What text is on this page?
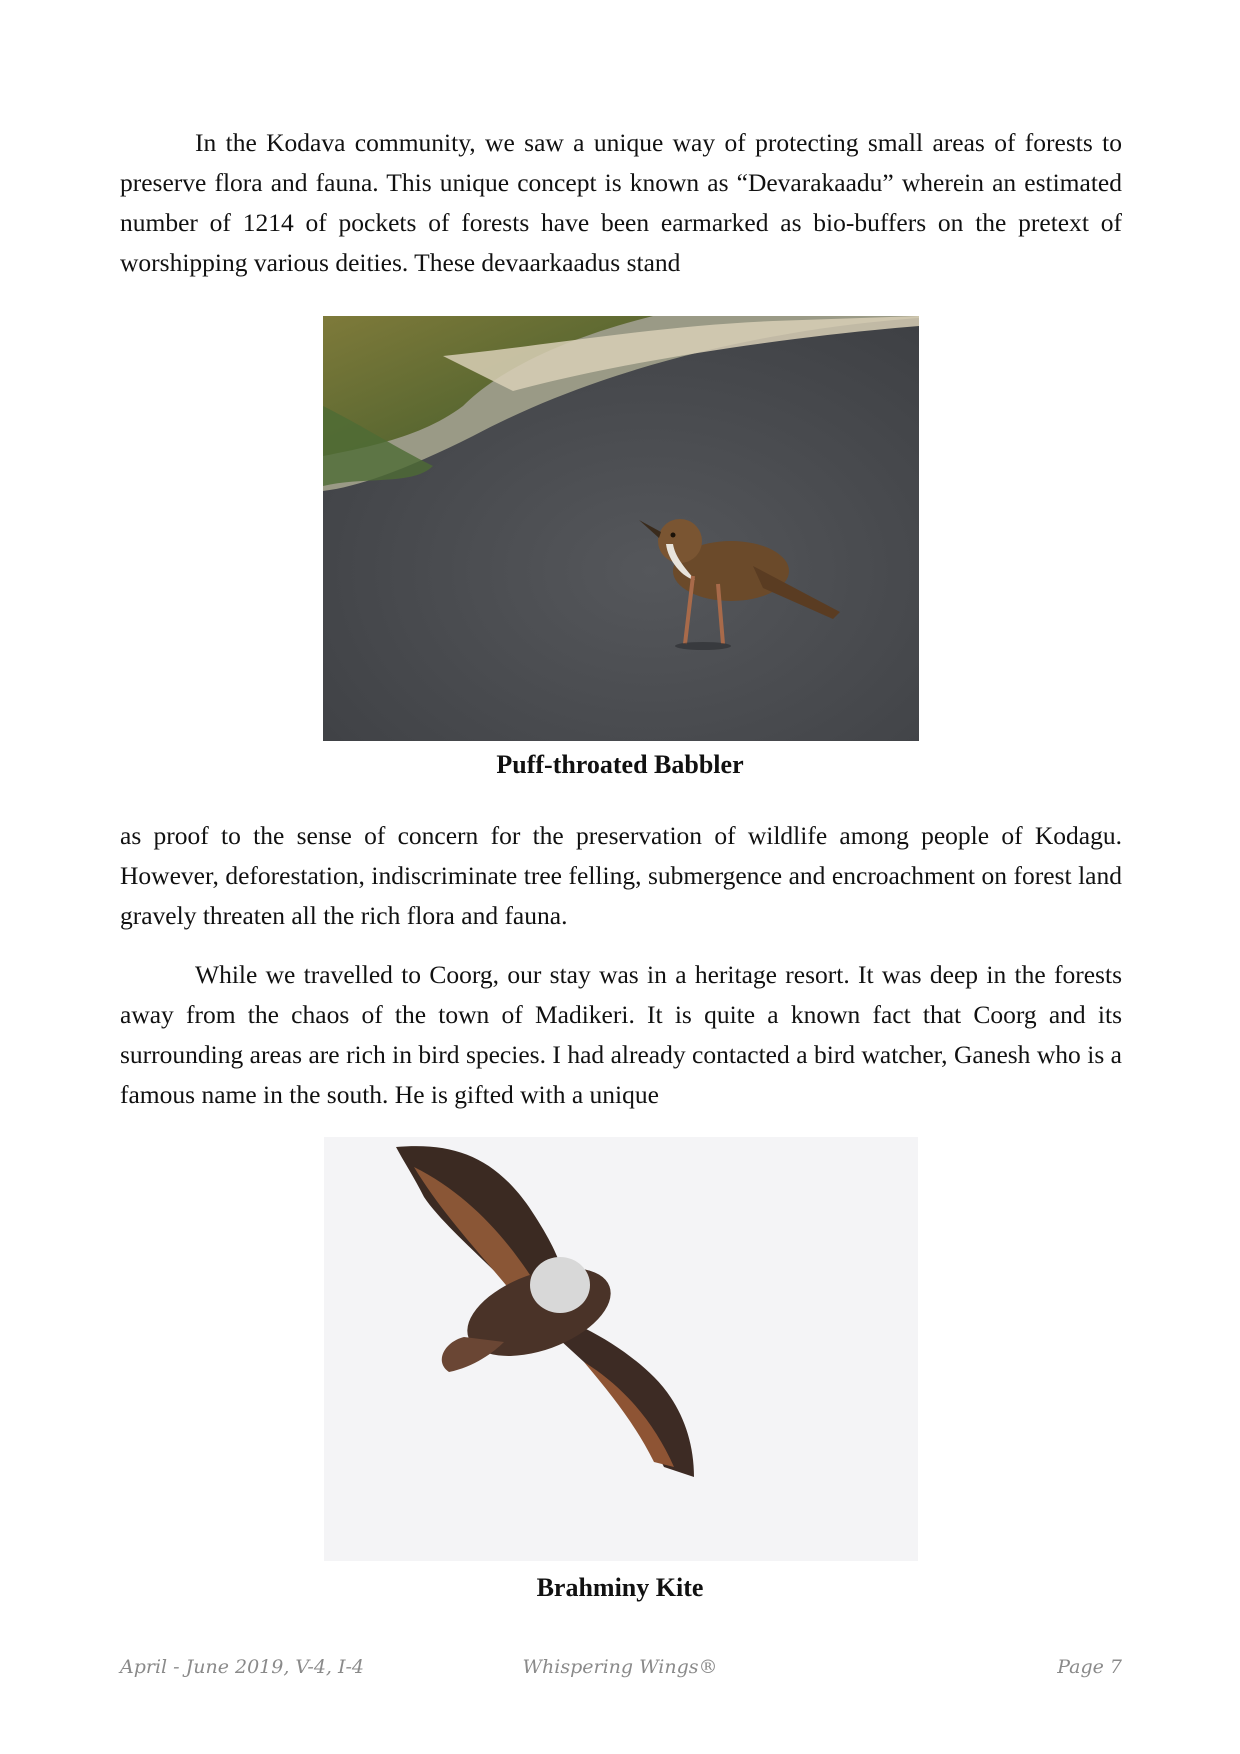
In the Kodava community, we saw a unique way of protecting small areas of forests to preserve flora and fauna. This unique concept is known as “Devarakaadu” wherein an estimated number of 1214 of pockets of forests have been earmarked as bio-buffers on the pretext of worshipping various deities. These devaarkaadus stand

Puff-throated Babbler

as proof to the sense of concern for the preservation of wildlife among people of Kodagu. However, deforestation, indiscriminate tree felling, submergence and encroachment on forest land gravely threaten all the rich flora and fauna.

While we travelled to Coorg, our stay was in a heritage resort. It was deep in the forests away from the chaos of the town of Madikeri. It is quite a known fact that Coorg and its surrounding areas are rich in bird species. I had already contacted a bird watcher, Ganesh who is a famous name in the south. He is gifted with a unique

Brahminy Kite

April - June 2019, V-4, I-4	Whispering Wings®	Page 7
